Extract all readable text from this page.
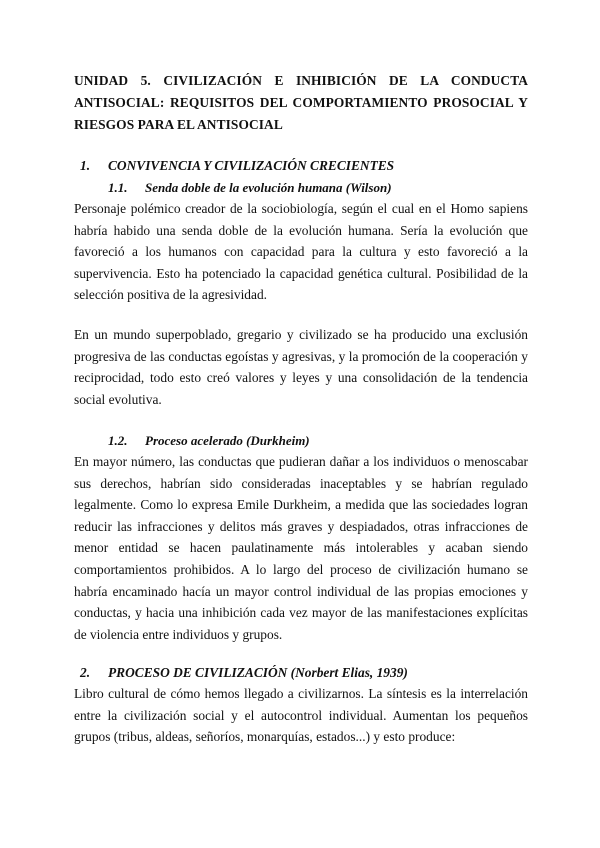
UNIDAD 5. CIVILIZACIÓN E INHIBICIÓN DE LA CONDUCTA ANTISOCIAL: REQUISITOS DEL COMPORTAMIENTO PROSOCIAL Y RIESGOS PARA EL ANTISOCIAL
1. CONVIVENCIA Y CIVILIZACIÓN CRECIENTES
1.1. Senda doble de la evolución humana (Wilson)

Personaje polémico creador de la sociobiología, según el cual en el Homo sapiens habría habido una senda doble de la evolución humana. Sería la evolución que favoreció a los humanos con capacidad para la cultura y esto favoreció a la supervivencia. Esto ha potenciado la capacidad genética cultural. Posibilidad de la selección positiva de la agresividad.

En un mundo superpoblado, gregario y civilizado se ha producido una exclusión progresiva de las conductas egoístas y agresivas, y la promoción de la cooperación y reciprocidad, todo esto creó valores y leyes y una consolidación de la tendencia social evolutiva.

1.2. Proceso acelerado (Durkheim)

En mayor número, las conductas que pudieran dañar a los individuos o menoscabar sus derechos, habrían sido consideradas inaceptables y se habrían regulado legalmente. Como lo expresa Emile Durkheim, a medida que las sociedades logran reducir las infracciones y delitos más graves y despiadados, otras infracciones de menor entidad se hacen paulatinamente más intolerables y acaban siendo comportamientos prohibidos. A lo largo del proceso de civilización humano se habría encaminado hacía un mayor control individual de las propias emociones y conductas, y hacia una inhibición cada vez mayor de las manifestaciones explícitas de violencia entre individuos y grupos.

2. PROCESO DE CIVILIZACIÓN (Norbert Elias, 1939)

Libro cultural de cómo hemos llegado a civilizarnos. La síntesis es la interrelación entre la civilización social y el autocontrol individual. Aumentan los pequeños grupos (tribus, aldeas, señoríos, monarquías, estados...) y esto produce:
